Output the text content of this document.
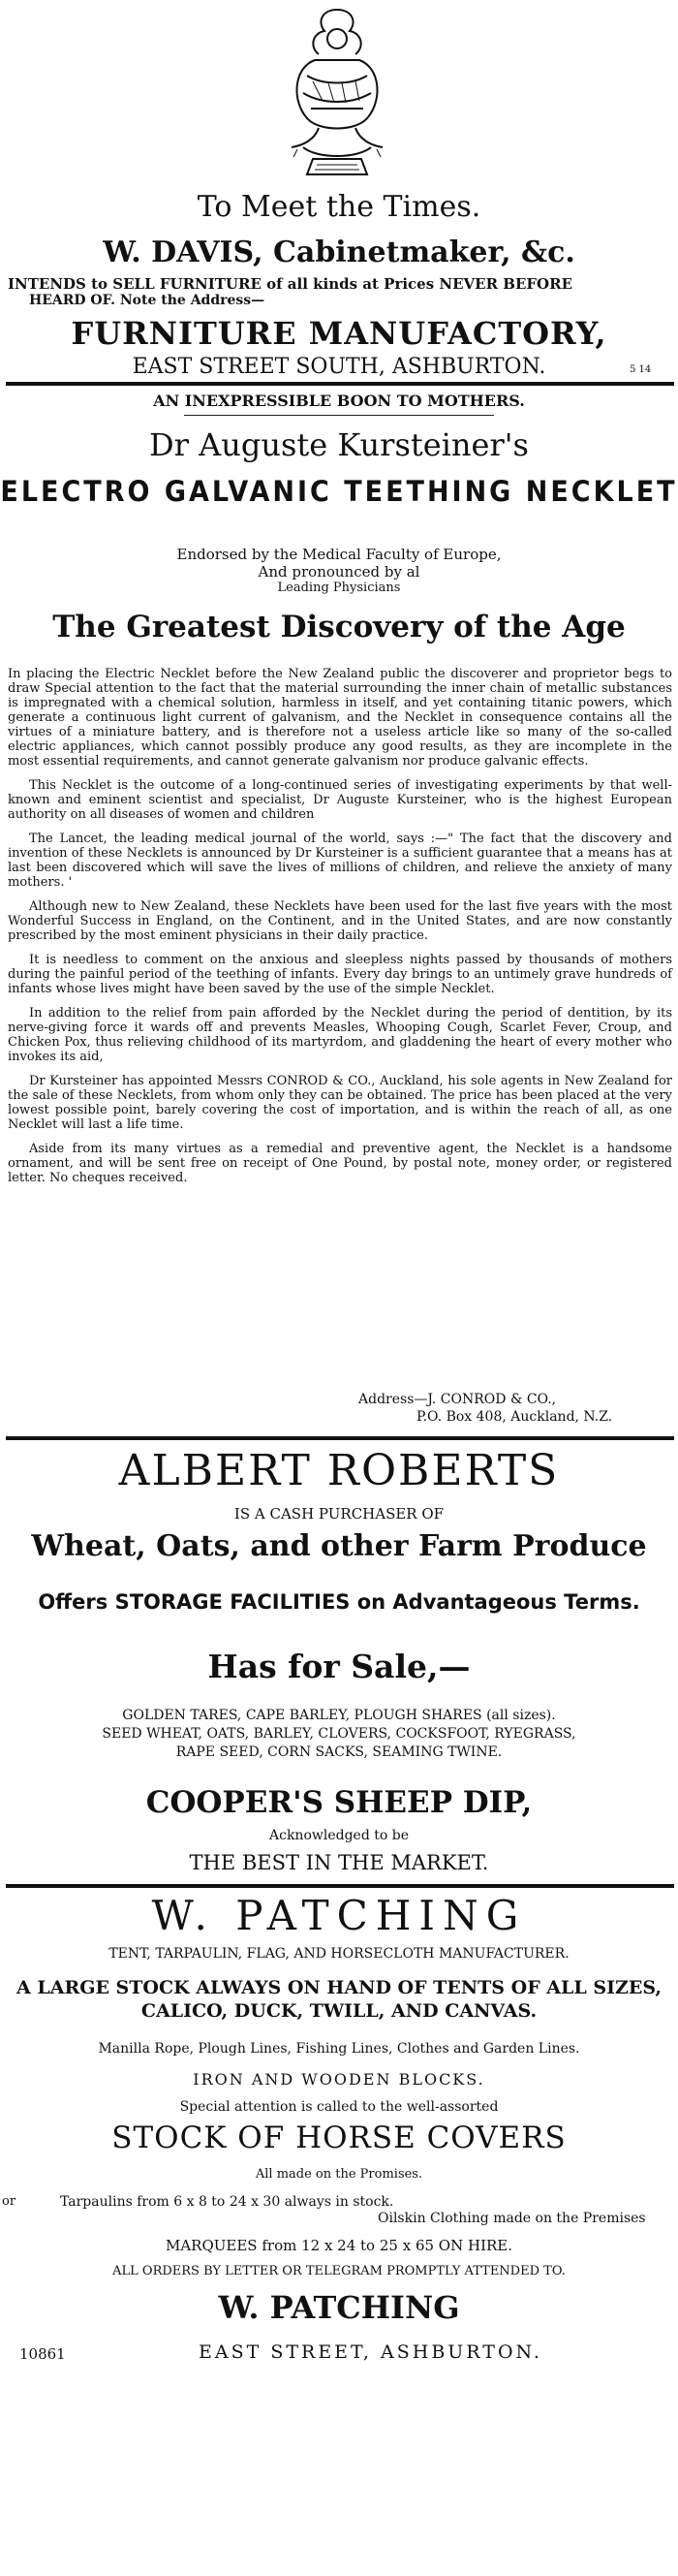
To Meet the Times.
W. DAVIS, Cabinetmaker, &c.
INTENDS to SELL FURNITURE of all kinds at Prices NEVER BEFORE
HEARD OF. Note the Address—
FURNITURE MANUFACTORY,
EAST STREET SOUTH, ASHBURTON.	5 14
AN INEXPRESSIBLE BOON TO MOTHERS.
Dr Auguste Kursteiner's
ELECTRO GALVANIC TEETHING NECKLET
Endorsed by the Medical Faculty of Europe,
And pronounced by al
Leading Physicians
The Greatest Discovery of the Age

In placing the Electric Necklet before the New Zealand public the discoverer and proprietor begs to draw Special attention to the fact that the material surrounding the inner chain of metallic substances is impregnated with a chemical solution, harmless in itself, and yet containing titanic powers, which generate a continuous light current of galvanism, and the Necklet in consequence contains all the virtues of a miniature battery, and is therefore not a useless article like so many of the so-called electric appliances, which cannot possibly produce any good results, as they are incomplete in the most essential requirements, and cannot generate galvanism nor produce galvanic effects.

This Necklet is the outcome of a long-continued series of investigating experiments by that well-known and eminent scientist and specialist, Dr Auguste Kursteiner, who is the highest European authority on all diseases of women and children

The Lancet, the leading medical journal of the world, says :—" The fact that the discovery and invention of these Necklets is announced by Dr Kursteiner is a sufficient guarantee that a means has at last been discovered which will save the lives of millions of children, and relieve the anxiety of many mothers. '

Although new to New Zealand, these Necklets have been used for the last five years with the most Wonderful Success in England, on the Continent, and in the United States, and are now constantly prescribed by the most eminent physicians in their daily practice.

It is needless to comment on the anxious and sleepless nights passed by thousands of mothers during the painful period of the teething of infants. Every day brings to an untimely grave hundreds of infants whose lives might have been saved by the use of the simple Necklet.

In addition to the relief from pain afforded by the Necklet during the period of dentition, by its nerve-giving force it wards off and prevents Measles, Whooping Cough, Scarlet Fever, Croup, and Chicken Pox, thus relieving childhood of its martyrdom, and gladdening the heart of every mother who invokes its aid,

Dr Kursteiner has appointed Messrs CONROD & CO., Auckland, his sole agents in New Zealand for the sale of these Necklets, from whom only they can be obtained. The price has been placed at the very lowest possible point, barely covering the cost of importation, and is within the reach of all, as one Necklet will last a life time.

Aside from its many virtues as a remedial and preventive agent, the Necklet is a handsome ornament, and will be sent free on receipt of One Pound, by postal note, money order, or registered letter. No cheques received.

Address—J. CONROD & CO.,
P.O. Box 408, Auckland, N.Z.
ALBERT ROBERTS
IS A CASH PURCHASER OF
Wheat, Oats, and other Farm Produce
Offers STORAGE FACILITIES on Advantageous Terms.
Has for Sale,—
GOLDEN TARES, CAPE BARLEY, PLOUGH SHARES (all sizes).
SEED WHEAT, OATS, BARLEY, CLOVERS, COCKSFOOT, RYEGRASS,
RAPE SEED, CORN SACKS, SEAMING TWINE.
COOPER'S SHEEP DIP,
Acknowledged to be
THE BEST IN THE MARKET.
W. PATCHING
TENT, TARPAULIN, FLAG, AND HORSECLOTH MANUFACTURER.
A LARGE STOCK ALWAYS ON HAND OF TENTS OF ALL SIZES,
CALICO, DUCK, TWILL, AND CANVAS.
Manilla Rope, Plough Lines, Fishing Lines, Clothes and Garden Lines.
IRON AND WOODEN BLOCKS.
Special attention is called to the well-assorted
STOCK OF HORSE COVERS
All made on the Promises.
or	Tarpaulins from 6 x 8 to 24 x 30 always in stock.
Oilskin Clothing made on the Premises
MARQUEES from 12 x 24 to 25 x 65 ON HIRE.
ALL ORDERS BY LETTER OR TELEGRAM PROMPTLY ATTENDED TO.
W. PATCHING
10861	EAST STREET, ASHBURTON.
